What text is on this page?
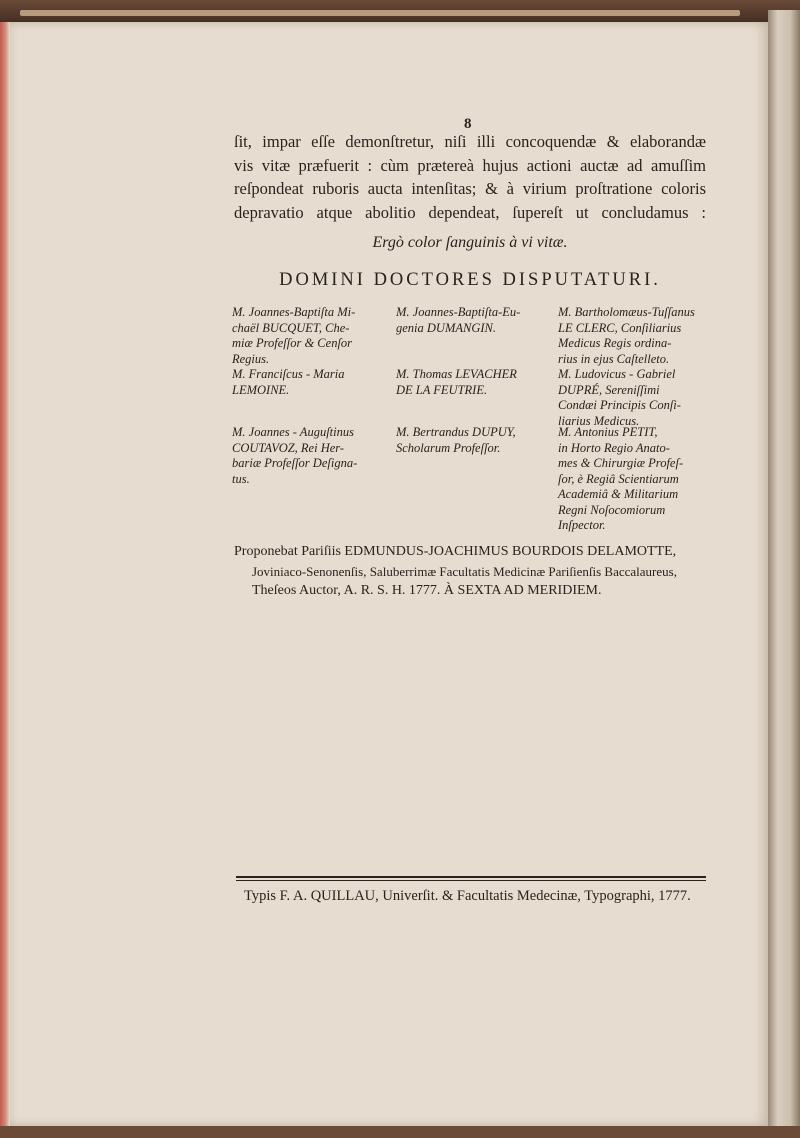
8
ſit, impar eſſe demonſtretur, niſi illi concoquendæ & elaborandæ
vis vitæ præfuerit : cùm prætereà hujus actioni auctæ ad amuſſim
reſpondeat ruboris aucta intenſitas; & à virium proſtratione coloris
depravatio atque abolitio dependeat, ſupereſt ut concludamus :
Ergò color ſanguinis à vi vitæ.
DOMINI DOCTORES DISPUTATURI.
M. Joannes-Baptiſta Mi-
chaël BUCQUET, Che-
miæ Profeſſor & Cenſor
Regius.
M. Franciſcus - Maria
LEMOINE.
M. Joannes - Auguſtinus
COUTAVOZ, Rei Her-
bariæ Profeſſor Deſigna-
tus.
M. Joannes-Baptiſta-Eu-
genia DUMANGIN.
M. Thomas LEVACHER
DE LA FEUTRIE.
M. Bertrandus DUPUY,
Scholarum Profeſſor.
M. Bartholomæus-Tuſſanus
LE CLERC, Conſiliarius
Medicus Regis ordina-
rius in ejus Caſtelleto.
M. Ludovicus - Gabriel
DUPRÉ, Sereniſſimi
Condæi Principis Conſi-
liarius Medicus.
M. Antonius PETIT,
in Horto Regio Anato-
mes & Chirurgiæ Profeſ-
ſor, è Regiâ Scientiarum
Academiâ & Militarium
Regni Noſocomiorum
Inſpector.
Proponebat Pariſiis EDMUNDUS-JOACHIMUS BOURDOIS DELAMOTTE,
Joviniaco-Senonenſis, Saluberrimæ Facultatis Medicinæ Pariſienſis Baccalaureus,
Theſeos Auctor, A. R. S. H. 1777. À SEXTA AD MERIDIEM.
Typis F. A. QUILLAU, Univerſit. & Facultatis Medecinæ, Typographi, 1777.
